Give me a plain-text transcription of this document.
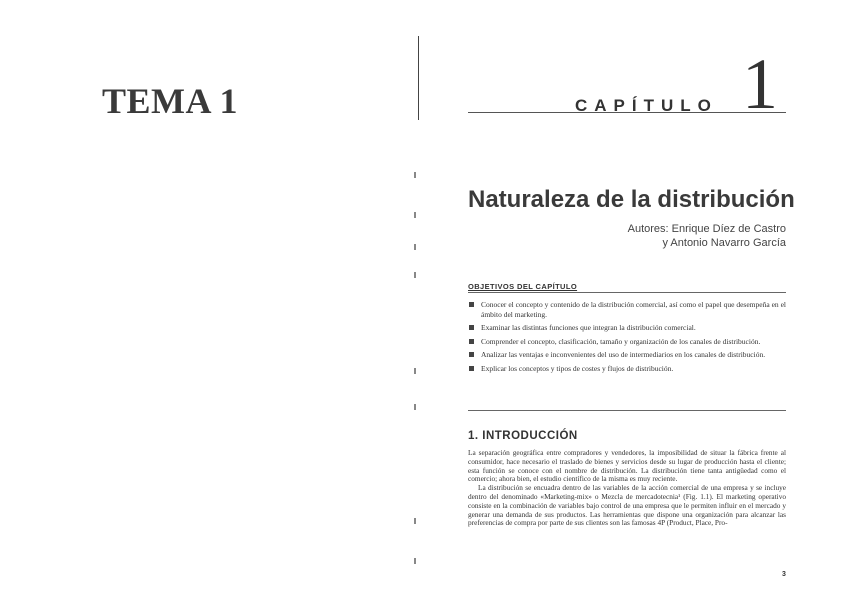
TEMA 1	CAPÍTULO 1
Naturaleza de la distribución
Autores: Enrique Díez de Castro
y Antonio Navarro García
OBJETIVOS DEL CAPÍTULO
Conocer el concepto y contenido de la distribución comercial, así como el papel que desempeña en el ámbito del marketing.
Examinar las distintas funciones que integran la distribución comercial.
Comprender el concepto, clasificación, tamaño y organización de los canales de distribución.
Analizar las ventajas e inconvenientes del uso de intermediarios en los canales de distribución.
Explicar los conceptos y tipos de costes y flujos de distribución.
1. INTRODUCCIÓN

La separación geográfica entre compradores y vendedores, la imposibilidad de situar la fábrica frente al consumidor, hace necesario el traslado de bienes y servicios desde su lugar de producción hasta el cliente; esta función se conoce con el nombre de distribución. La distribución tiene tanta antigüedad como el comercio; ahora bien, el estudio científico de la misma es muy reciente.

La distribución se encuadra dentro de las variables de la acción comercial de una empresa y se incluye dentro del denominado «Marketing-mix» o Mezcla de mercadotecnia¹ (Fig. 1.1). El marketing operativo consiste en la combinación de variables bajo control de una empresa que le permiten influir en el mercado y generar una demanda de sus productos. Las herramientas que dispone una organización para alcanzar las preferencias de compra por parte de sus clientes son las famosas 4P (Product, Place, Pro-

3
